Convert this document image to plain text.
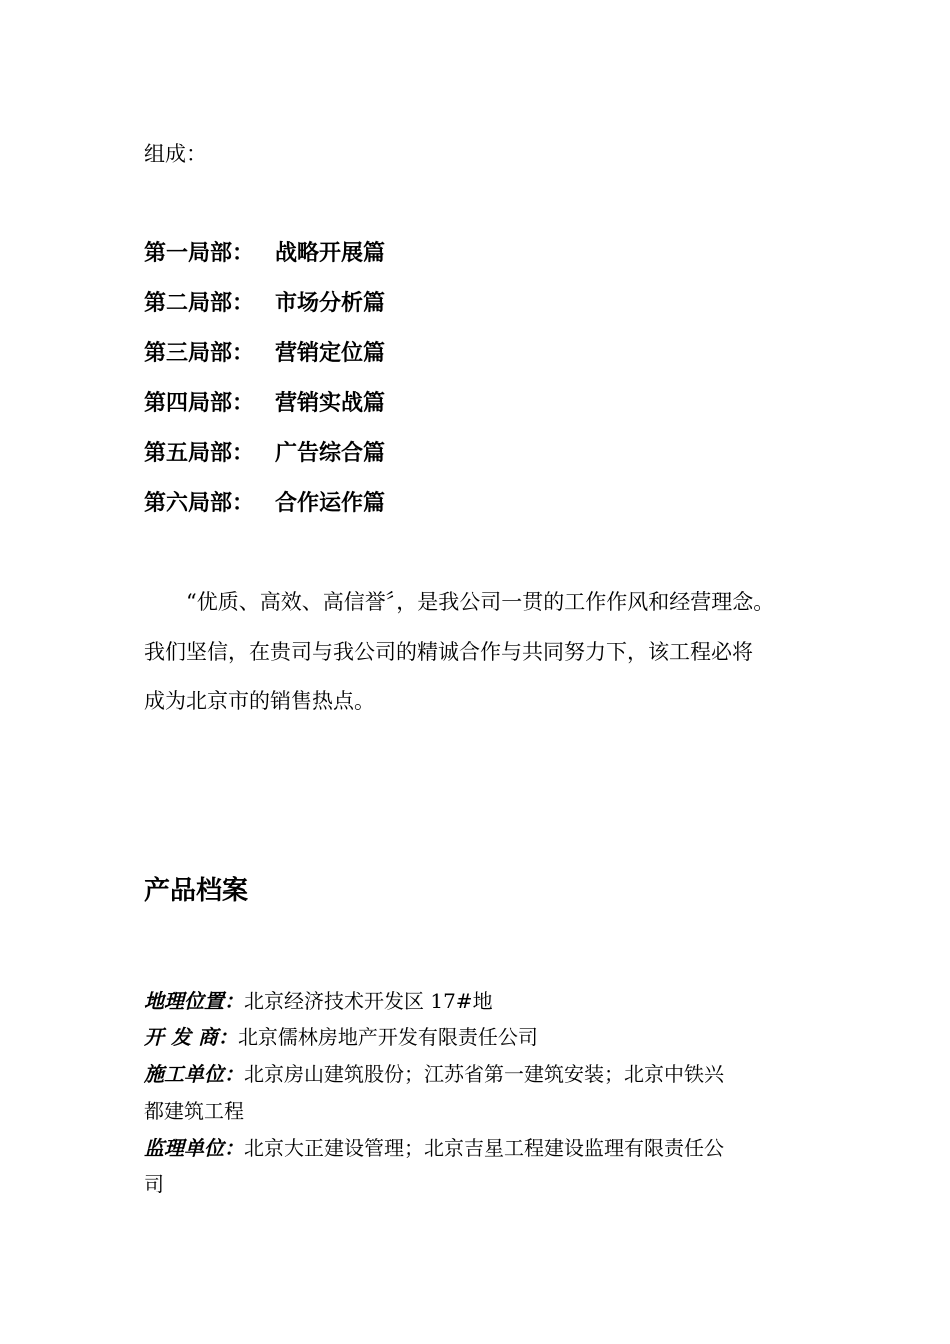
组成：
第一局部： 战略开展篇
第二局部： 市场分析篇
第三局部： 营销定位篇
第四局部： 营销实战篇
第五局部： 广告综合篇
第六局部： 合作运作篇
“优质、高效、高信誉〞，是我公司一贯的工作作风和经营理念。
我们坚信，在贵司与我公司的精诚合作与共同努力下，该工程必将
成为北京市的销售热点。
产品档案
地理位置：北京经济技术开发区 17#地
开 发 商：北京儒林房地产开发有限责任公司
施工单位：北京房山建筑股份；江苏省第一建筑安装；北京中铁兴
都建筑工程
监理单位：北京大正建设管理；北京吉星工程建设监理有限责任公
司
